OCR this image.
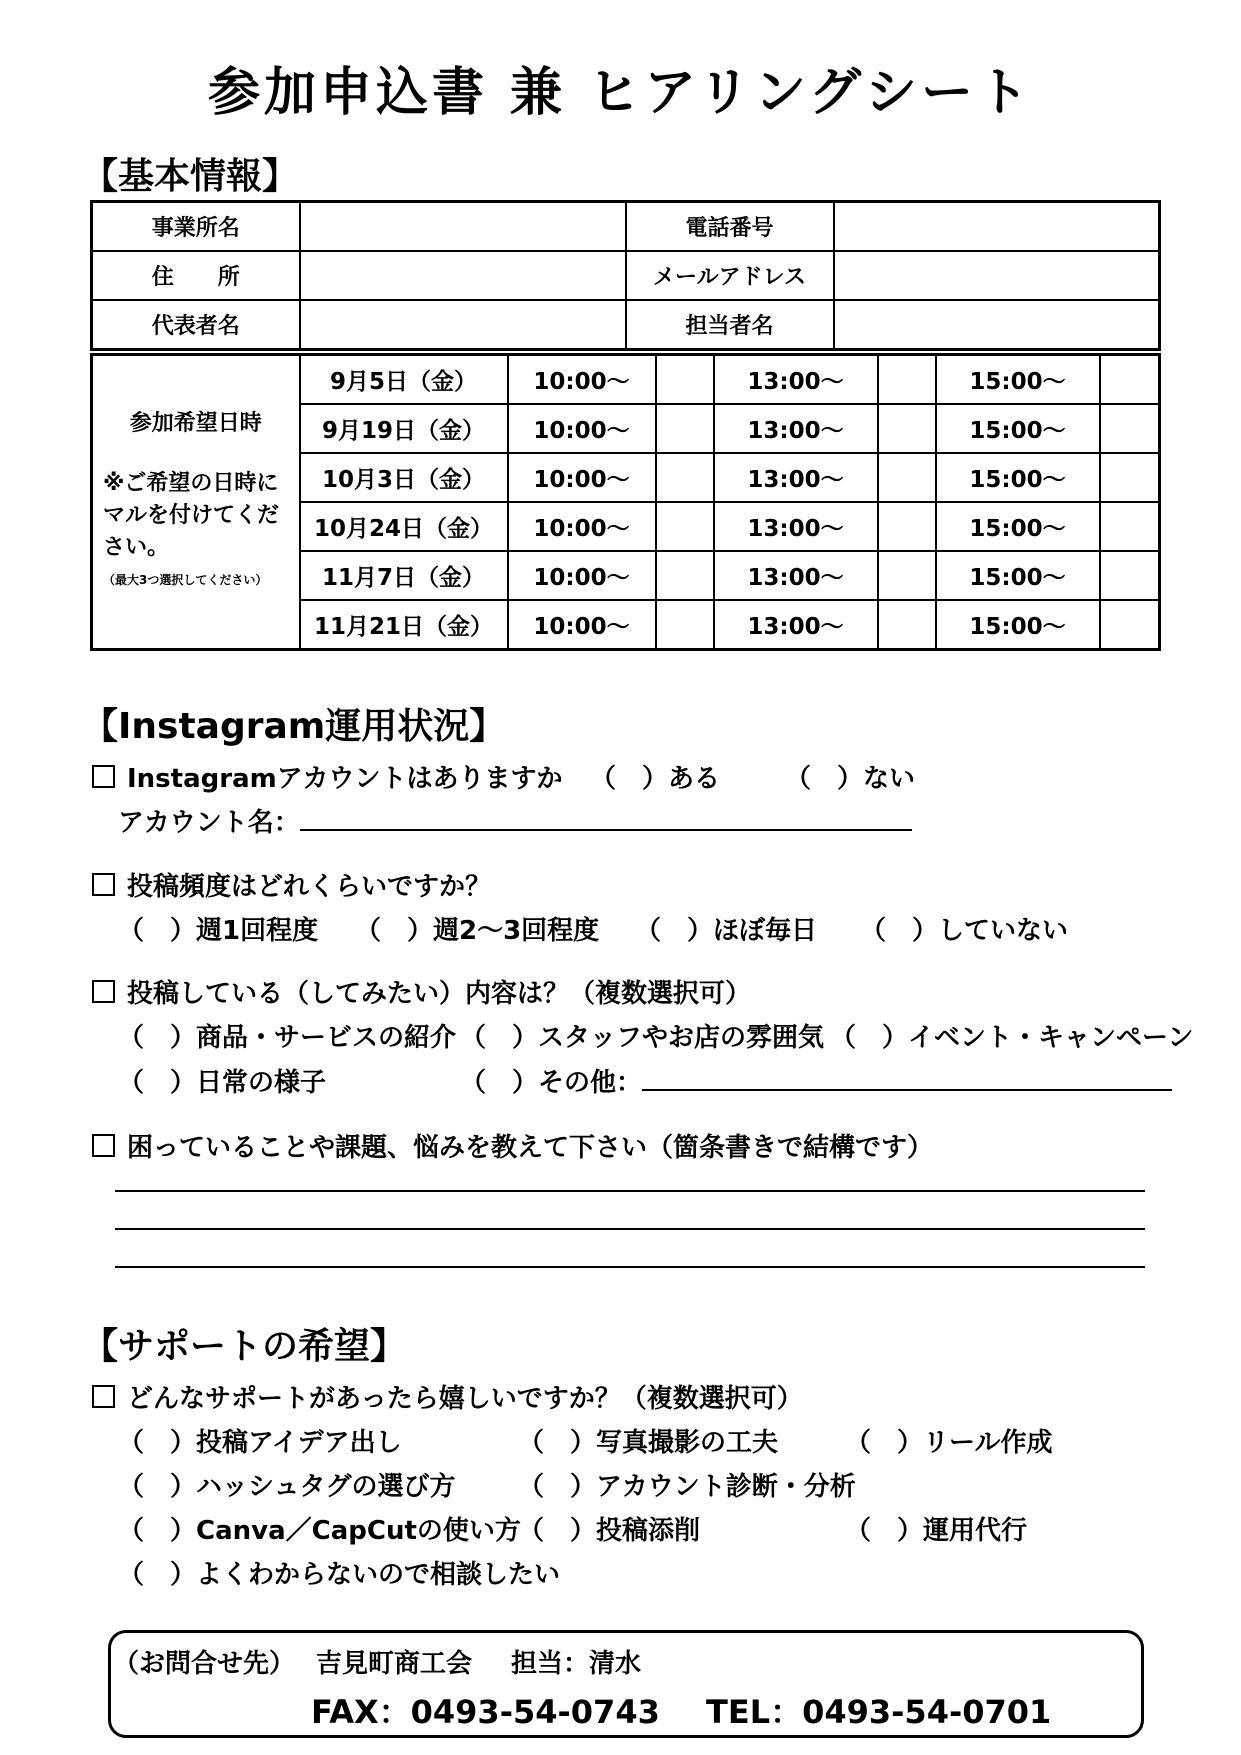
参加申込書 兼 ヒアリングシート
【基本情報】
事業所名		電話番号	
住　　所		メールアドレス	
代表者名		担当者名	
参加希望日時
※ご希望の日時にマルを付けてください。
（最大3つ選択してください）	9月5日（金）	10:00～		13:00～		15:00～	
	9月19日（金）	10:00～		13:00～		15:00～	
	10月3日（金）	10:00～		13:00～		15:00～	
	10月24日（金）	10:00～		13:00～		15:00～	
	11月7日（金）	10:00～		13:00～		15:00～	
	11月21日（金）	10:00～		13:00～		15:00～	
【Instagram運用状況】
Instagramアカウントはありますか （　）ある （　）ない
アカウント名：
投稿頻度はどれくらいですか？
（　）週1回程度 （　）週2～3回程度 （　）ほぼ毎日 （　）していない
投稿している（してみたい）内容は？（複数選択可）
（　）商品・サービスの紹介 （　）スタッフやお店の雰囲気 （　）イベント・キャンペーン
（　）日常の様子	（　）その他：
困っていることや課題、悩みを教えて下さい（箇条書きで結構です）
【サポートの希望】
どんなサポートがあったら嬉しいですか？（複数選択可）
（　）投稿アイデア出し	（　）写真撮影の工夫	（　）リール作成
（　）ハッシュタグの選び方 （　）アカウント診断・分析
（　）Canva／CapCutの使い方
（　）投稿添削	（　）運用代行
（　）よくわからないので相談したい
（お問合せ先） 吉見町商工会 担当：清水
FAX：0493-54-0743 TEL：0493-54-0701
